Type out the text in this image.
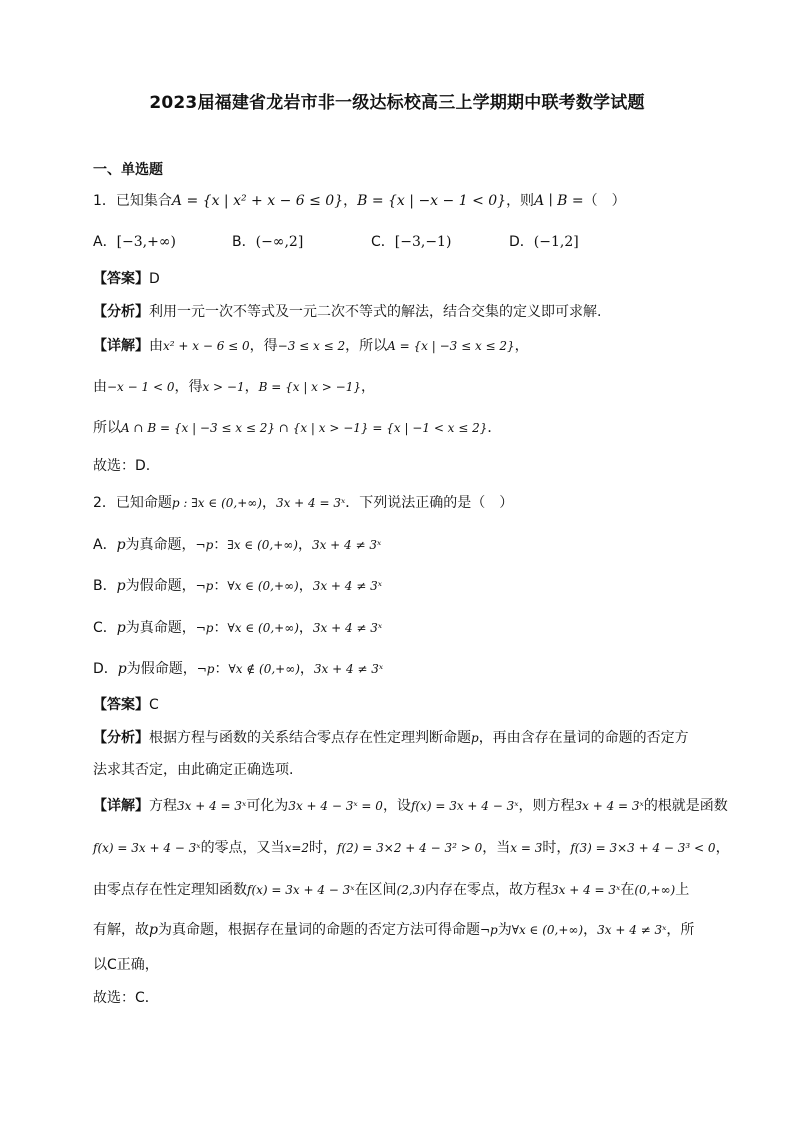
2023届福建省龙岩市非一级达标校高三上学期期中联考数学试题
一、单选题
1．已知集合A = {x | x² + x − 6 ≤ 0}，B = {x | −x − 1 < 0}，则A ∣ B =（　）
A．[−3,+∞)	B．(−∞,2]	C．[−3,−1)	D．(−1,2]
【答案】D
【分析】利用一元一次不等式及一元二次不等式的解法，结合交集的定义即可求解.
【详解】由x² + x − 6 ≤ 0，得−3 ≤ x ≤ 2，所以A = {x | −3 ≤ x ≤ 2}，
由−x − 1 < 0，得x > −1，B = {x | x > −1}，
所以A ∩ B = {x | −3 ≤ x ≤ 2} ∩ {x | x > −1} = {x | −1 < x ≤ 2}．
故选：D.
2．已知命题p : ∃x ∈ (0,+∞)，3x + 4 = 3ˣ．下列说法正确的是（　）
A．p为真命题，¬p：∃x ∈ (0,+∞)，3x + 4 ≠ 3ˣ
B．p为假命题，¬p：∀x ∈ (0,+∞)，3x + 4 ≠ 3ˣ
C．p为真命题，¬p：∀x ∈ (0,+∞)，3x + 4 ≠ 3ˣ
D．p为假命题，¬p：∀x ∉ (0,+∞)，3x + 4 ≠ 3ˣ
【答案】C
【分析】根据方程与函数的关系结合零点存在性定理判断命题p，再由含存在量词的命题的否定方
法求其否定，由此确定正确选项.
【详解】方程3x + 4 = 3ˣ可化为3x + 4 − 3ˣ = 0，设f(x) = 3x + 4 − 3ˣ，则方程3x + 4 = 3ˣ的根就是函数
f(x) = 3x + 4 − 3ˣ的零点，又当x=2时，f(2) = 3×2 + 4 − 3² > 0，当x = 3时，f(3) = 3×3 + 4 − 3³ < 0，
由零点存在性定理知函数f(x) = 3x + 4 − 3ˣ在区间(2,3)内存在零点，故方程3x + 4 = 3ˣ在(0,+∞)上
有解，故p为真命题，根据存在量词的命题的否定方法可得命题¬p为∀x ∈ (0,+∞)，3x + 4 ≠ 3ˣ，所
以C正确，
故选：C．
